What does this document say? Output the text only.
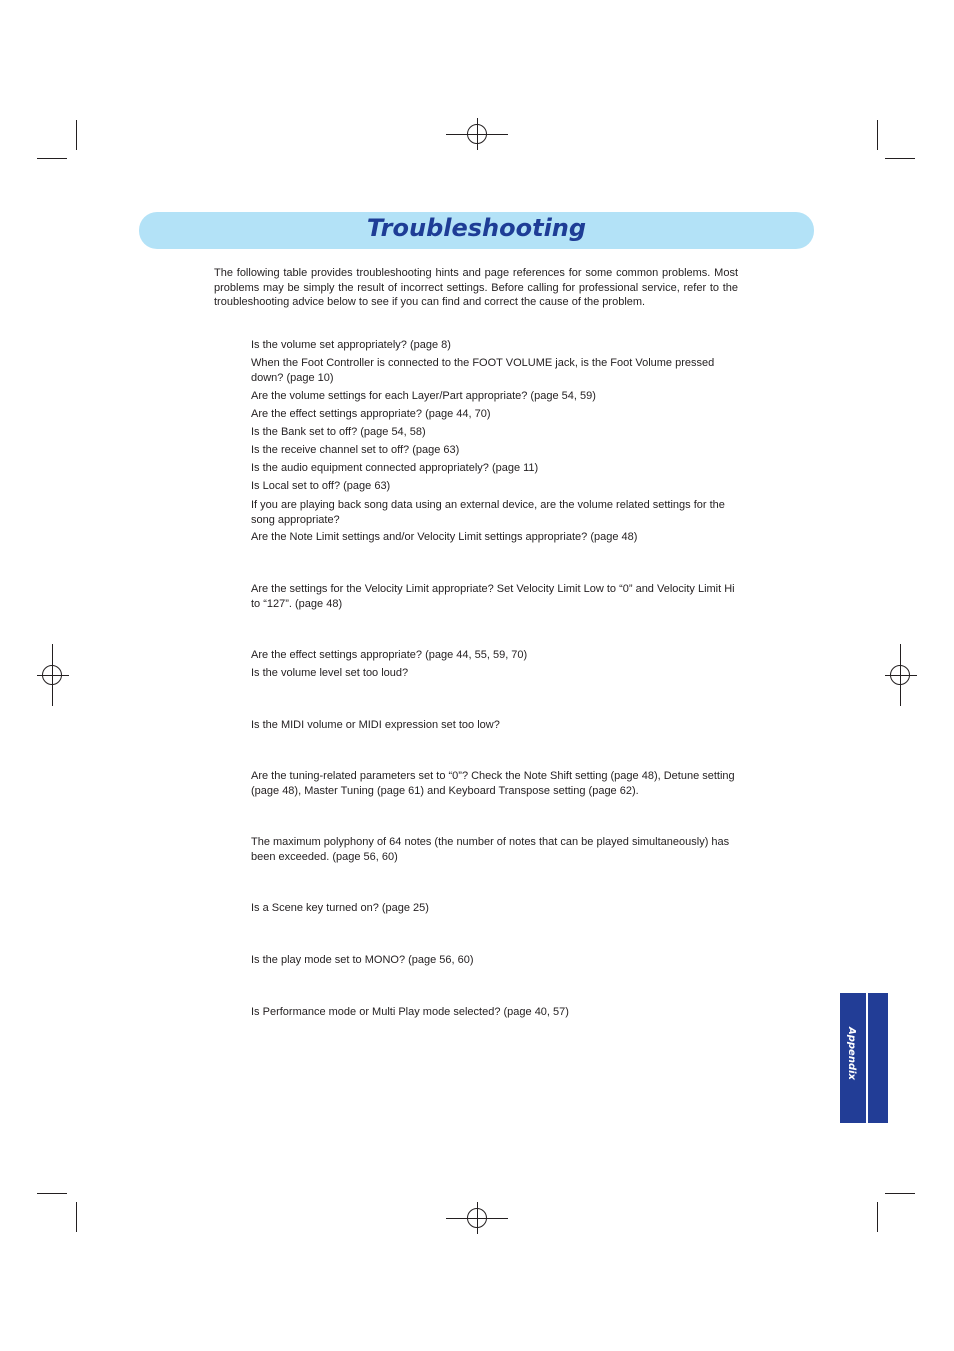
Troubleshooting
The following table provides troubleshooting hints and page references for some common problems. Most problems may be simply the result of incorrect settings. Before calling for professional service, refer to the troubleshooting advice below to see if you can find and correct the cause of the problem.
Is the volume set appropriately? (page 8)
When the Foot Controller is connected to the FOOT VOLUME jack, is the Foot Volume pressed down? (page 10)
Are the volume settings for each Layer/Part appropriate? (page 54, 59)
Are the effect settings appropriate? (page 44, 70)
Is the Bank set to off? (page 54, 58)
Is the receive channel set to off? (page 63)
Is the audio equipment connected appropriately? (page 11)
Is Local set to off? (page 63)
If you are playing back song data using an external device, are the volume related settings for the song appropriate?
Are the Note Limit settings and/or Velocity Limit settings appropriate? (page 48)
Are the settings for the Velocity Limit appropriate? Set Velocity Limit Low to “0” and Velocity Limit Hi to “127”. (page 48)
Are the effect settings appropriate? (page 44, 55, 59, 70)
Is the volume level set too loud?
Is the MIDI volume or MIDI expression set too low?
Are the tuning-related parameters set to “0”? Check the Note Shift setting (page 48), Detune setting (page 48), Master Tuning (page 61) and Keyboard Transpose setting (page 62).
The maximum polyphony of 64 notes (the number of notes that can be played simultaneously) has been exceeded. (page 56, 60)
Is a Scene key turned on? (page 25)
Is the play mode set to MONO? (page 56, 60)
Is Performance mode or Multi Play mode selected? (page 40, 57)
Appendix
